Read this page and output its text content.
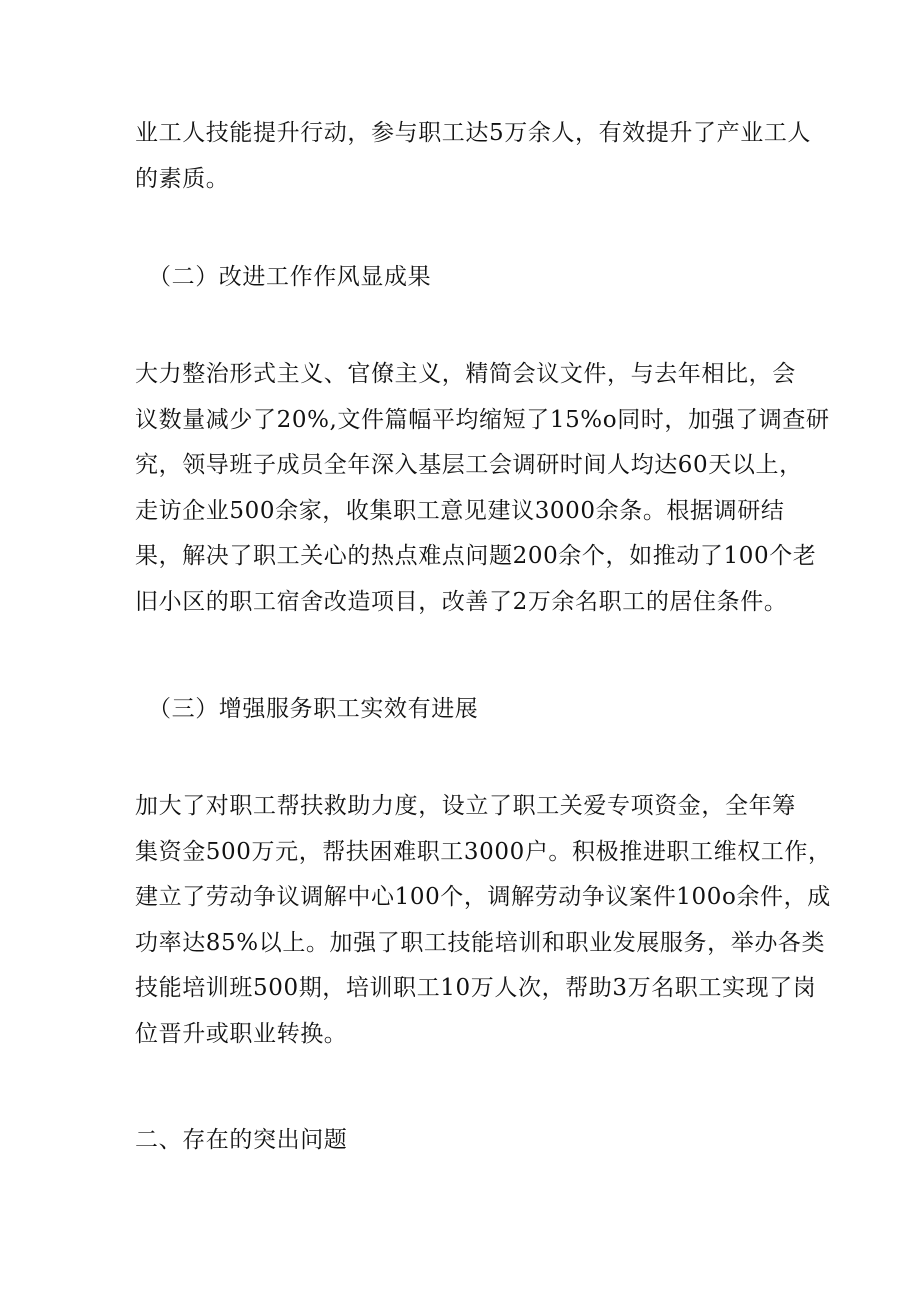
业工人技能提升行动，参与职工达5万余人，有效提升了产业工人
的素质。

（二）改进工作作风显成果

大力整治形式主义、官僚主义，精简会议文件，与去年相比，会
议数量减少了20%,文件篇幅平均缩短了15%o同时，加强了调查研
究，领导班子成员全年深入基层工会调研时间人均达60天以上，
走访企业500余家，收集职工意见建议3000余条。根据调研结
果，解决了职工关心的热点难点问题200余个，如推动了100个老
旧小区的职工宿舍改造项目，改善了2万余名职工的居住条件。

（三）增强服务职工实效有进展

加大了对职工帮扶救助力度，设立了职工关爱专项资金，全年筹
集资金500万元，帮扶困难职工3000户。积极推进职工维权工作，
建立了劳动争议调解中心100个，调解劳动争议案件100o余件，成
功率达85%以上。加强了职工技能培训和职业发展服务，举办各类
技能培训班500期，培训职工10万人次，帮助3万名职工实现了岗
位晋升或职业转换。

二、存在的突出问题
